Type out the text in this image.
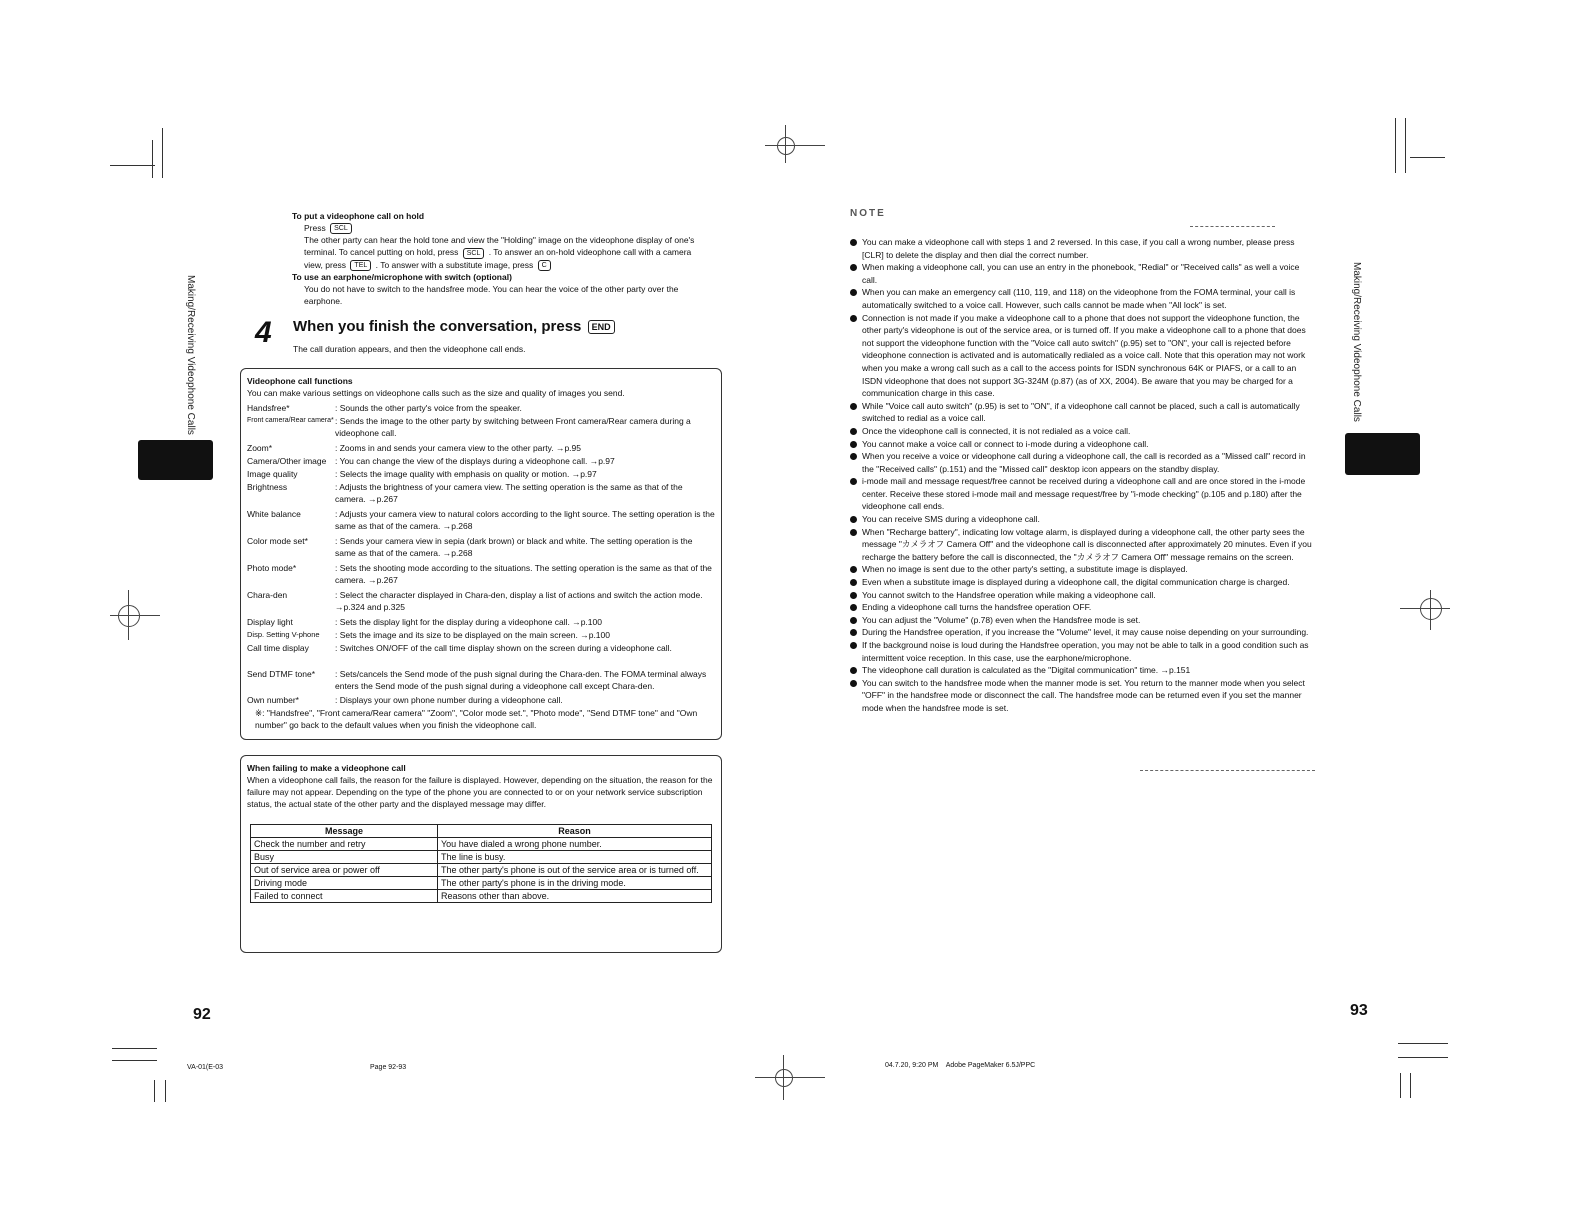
Making/Receiving Videophone Calls
To put a videophone call on hold
Press SCL
The other party can hear the hold tone and view the "Holding" image on the videophone display of one's terminal. To cancel putting on hold, press SCL . To answer an on-hold videophone call with a camera view, press TEL . To answer with a substitute image, press C
To use an earphone/microphone with switch (optional)
You do not have to switch to the handsfree mode. You can hear the voice of the other party over the earphone.
4 When you finish the conversation, press END
The call duration appears, and then the videophone call ends.
Videophone call functions
You can make various settings on videophone calls such as the size and quality of images you send.
Handsfree*	: Sounds the other party's voice from the speaker.
Front camera/Rear camera* : Sends the image to the other party by switching between Front camera/Rear camera during a videophone call.
Zoom*	: Zooms in and sends your camera view to the other party. →p.95
Camera/Other image	: You can change the view of the displays during a videophone call. →p.97
Image quality	: Selects the image quality with emphasis on quality or motion. →p.97
Brightness	: Adjusts the brightness of your camera view. The setting operation is the same as that of the camera. →p.267
White balance	: Adjusts your camera view to natural colors according to the light source. The setting operation is the same as that of the camera. →p.268
Color mode set*	: Sends your camera view in sepia (dark brown) or black and white. The setting operation is the same as that of the camera. →p.268
Photo mode*	: Sets the shooting mode according to the situations. The setting operation is the same as that of the camera. →p.267
Chara-den	: Select the character displayed in Chara-den, display a list of actions and switch the action mode. →p.324 and p.325
Display light	: Sets the display light for the display during a videophone call. →p.100
Disp. Setting V-phone	: Sets the image and its size to be displayed on the main screen. →p.100
Call time display	: Switches ON/OFF of the call time display shown on the screen during a videophone call.
Send DTMF tone*	: Sets/cancels the Send mode of the push signal during the Chara-den. The FOMA terminal always enters the Send mode of the push signal during a videophone call except Chara-den.
Own number*	: Displays your own phone number during a videophone call.
※: "Handsfree", "Front camera/Rear camera" "Zoom", "Color mode set.", "Photo mode", "Send DTMF tone" and "Own number" go back to the default values when you finish the videophone call.
When failing to make a videophone call
When a videophone call fails, the reason for the failure is displayed. However, depending on the situation, the reason for the failure may not appear. Depending on the type of the phone you are connected to or on your network service subscription status, the actual state of the other party and the displayed message may differ.
Message	Reason
Check the number and retry	You have dialed a wrong phone number.
Busy	The line is busy.
Out of service area or power off	The other party's phone is out of the service area or is turned off.
Driving mode	The other party's phone is in the driving mode.
Failed to connect	Reasons other than above.
92
VA-01(E-03	Page 92-93
NOTE
You can make a videophone call with steps 1 and 2 reversed. In this case, if you call a wrong number, please press [CLR] to delete the display and then dial the correct number.
When making a videophone call, you can use an entry in the phonebook, "Redial" or "Received calls" as well a voice call.
When you can make an emergency call (110, 119, and 118) on the videophone from the FOMA terminal, your call is automatically switched to a voice call. However, such calls cannot be made when "All lock" is set.
Connection is not made if you make a videophone call to a phone that does not support the videophone function, the other party's videophone is out of the service area, or is turned off. If you make a videophone call to a phone that does not support the videophone function with the "Voice call auto switch" (p.95) set to "ON", your call is rejected before videophone connection is activated and is automatically redialed as a voice call. Note that this operation may not work when you make a wrong call such as a call to the access points for ISDN synchronous 64K or PIAFS, or a call to an ISDN videophone that does not support 3G-324M (p.87) (as of XX, 2004). Be aware that you may be charged for a communication charge in this case.
While "Voice call auto switch" (p.95) is set to "ON", if a videophone call cannot be placed, such a call is automatically switched to redial as a voice call.
Once the videophone call is connected, it is not redialed as a voice call.
You cannot make a voice call or connect to i-mode during a videophone call.
When you receive a voice or videophone call during a videophone call, the call is recorded as a "Missed call" record in the "Received calls" (p.151) and the "Missed call" desktop icon appears on the standby display.
i-mode mail and message request/free cannot be received during a videophone call and are once stored in the i-mode center. Receive these stored i-mode mail and message request/free by "i-mode checking" (p.105 and p.180) after the videophone call ends.
You can receive SMS during a videophone call.
When "Recharge battery", indicating low voltage alarm, is displayed during a videophone call, the other party sees the message "カメラオフ Camera Off" and the videophone call is disconnected after approximately 20 minutes. Even if you recharge the battery before the call is disconnected, the "カメラオフ Camera Off" message remains on the screen.
When no image is sent due to the other party's setting, a substitute image is displayed.
Even when a substitute image is displayed during a videophone call, the digital communication charge is charged.
You cannot switch to the Handsfree operation while making a videophone call.
Ending a videophone call turns the handsfree operation OFF.
You can adjust the "Volume" (p.78) even when the Handsfree mode is set.
During the Handsfree operation, if you increase the "Volume" level, it may cause noise depending on your surrounding.
If the background noise is loud during the Handsfree operation, you may not be able to talk in a good condition such as intermittent voice reception. In this case, use the earphone/microphone.
The videophone call duration is calculated as the "Digital communication" time. →p.151
You can switch to the handsfree mode when the manner mode is set. You return to the manner mode when you select "OFF" in the handsfree mode or disconnect the call. The handsfree mode can be returned even if you set the manner mode when the handsfree mode is set.
Making/Receiving Videophone Calls
93
04.7.20, 9:20 PM    Adobe PageMaker 6.5J/PPC
